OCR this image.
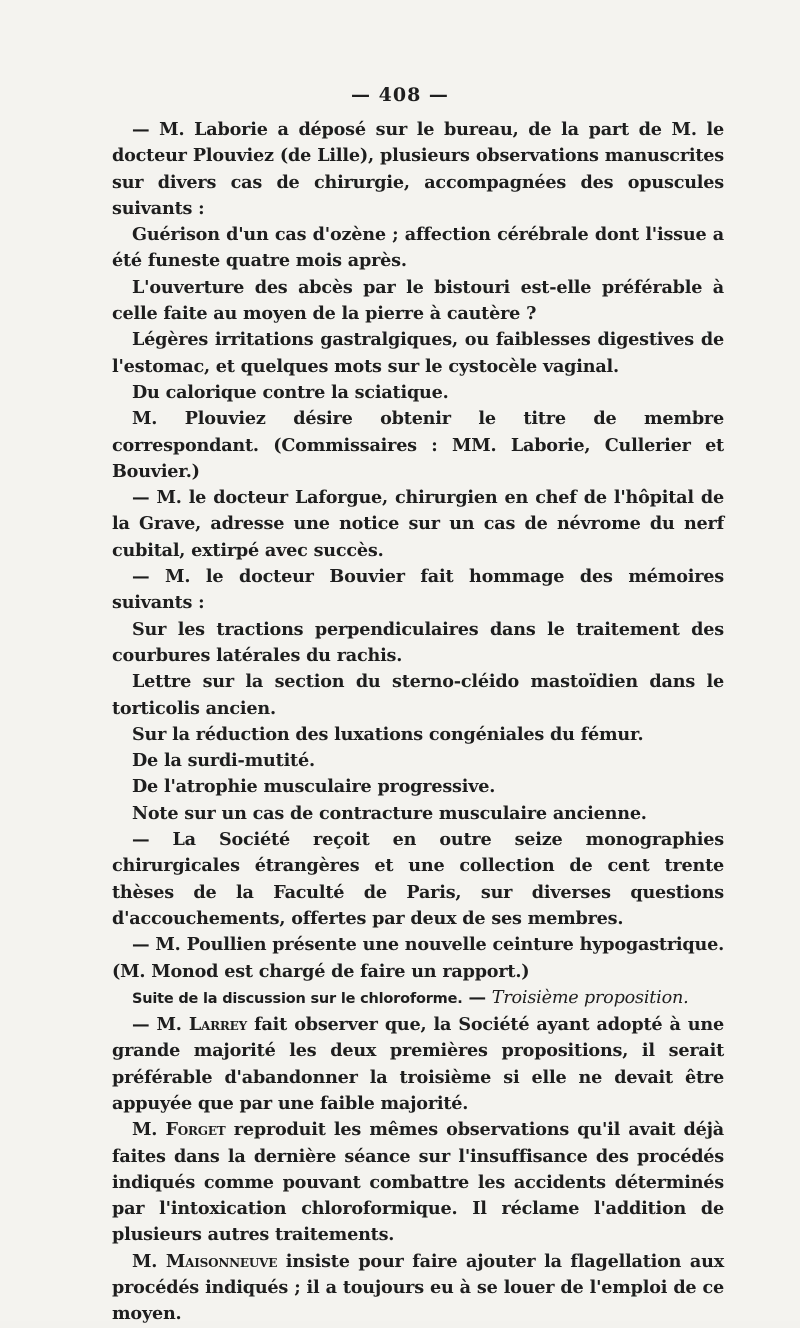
— 408 —

— M. Laborie a déposé sur le bureau, de la part de M. le docteur Plouviez (de Lille), plusieurs observations manuscrites sur divers cas de chirurgie, accompagnées des opuscules suivants :

Guérison d'un cas d'ozène ; affection cérébrale dont l'issue a été funeste quatre mois après.

L'ouverture des abcès par le bistouri est-elle préférable à celle faite au moyen de la pierre à cautère ?

Légères irritations gastralgiques, ou faiblesses digestives de l'estomac, et quelques mots sur le cystocèle vaginal.

Du calorique contre la sciatique.

M. Plouviez désire obtenir le titre de membre correspondant. (Commissaires : MM. Laborie, Cullerier et Bouvier.)

— M. le docteur Laforgue, chirurgien en chef de l'hôpital de la Grave, adresse une notice sur un cas de névrome du nerf cubital, extirpé avec succès.

— M. le docteur Bouvier fait hommage des mémoires suivants :

Sur les tractions perpendiculaires dans le traitement des courbures latérales du rachis.

Lettre sur la section du sterno-cléido mastoïdien dans le torticolis ancien.

Sur la réduction des luxations congéniales du fémur.

De la surdi-mutité.

De l'atrophie musculaire progressive.

Note sur un cas de contracture musculaire ancienne.

— La Société reçoit en outre seize monographies chirurgicales étrangères et une collection de cent trente thèses de la Faculté de Paris, sur diverses questions d'accouchements, offertes par deux de ses membres.

— M. Poullien présente une nouvelle ceinture hypogastrique. (M. Monod est chargé de faire un rapport.)

Suite de la discussion sur le chloroforme. — Troisième proposition.

— M. Larrey fait observer que, la Société ayant adopté à une grande majorité les deux premières propositions, il serait préférable d'abandonner la troisième si elle ne devait être appuyée que par une faible majorité.

M. Forget reproduit les mêmes observations qu'il avait déjà faites dans la dernière séance sur l'insuffisance des procédés indiqués comme pouvant combattre les accidents déterminés par l'intoxication chloroformique. Il réclame l'addition de plusieurs autres traitements.

M. Maisonneuve insiste pour faire ajouter la flagellation aux procédés indiqués ; il a toujours eu à se louer de l'emploi de ce moyen.
